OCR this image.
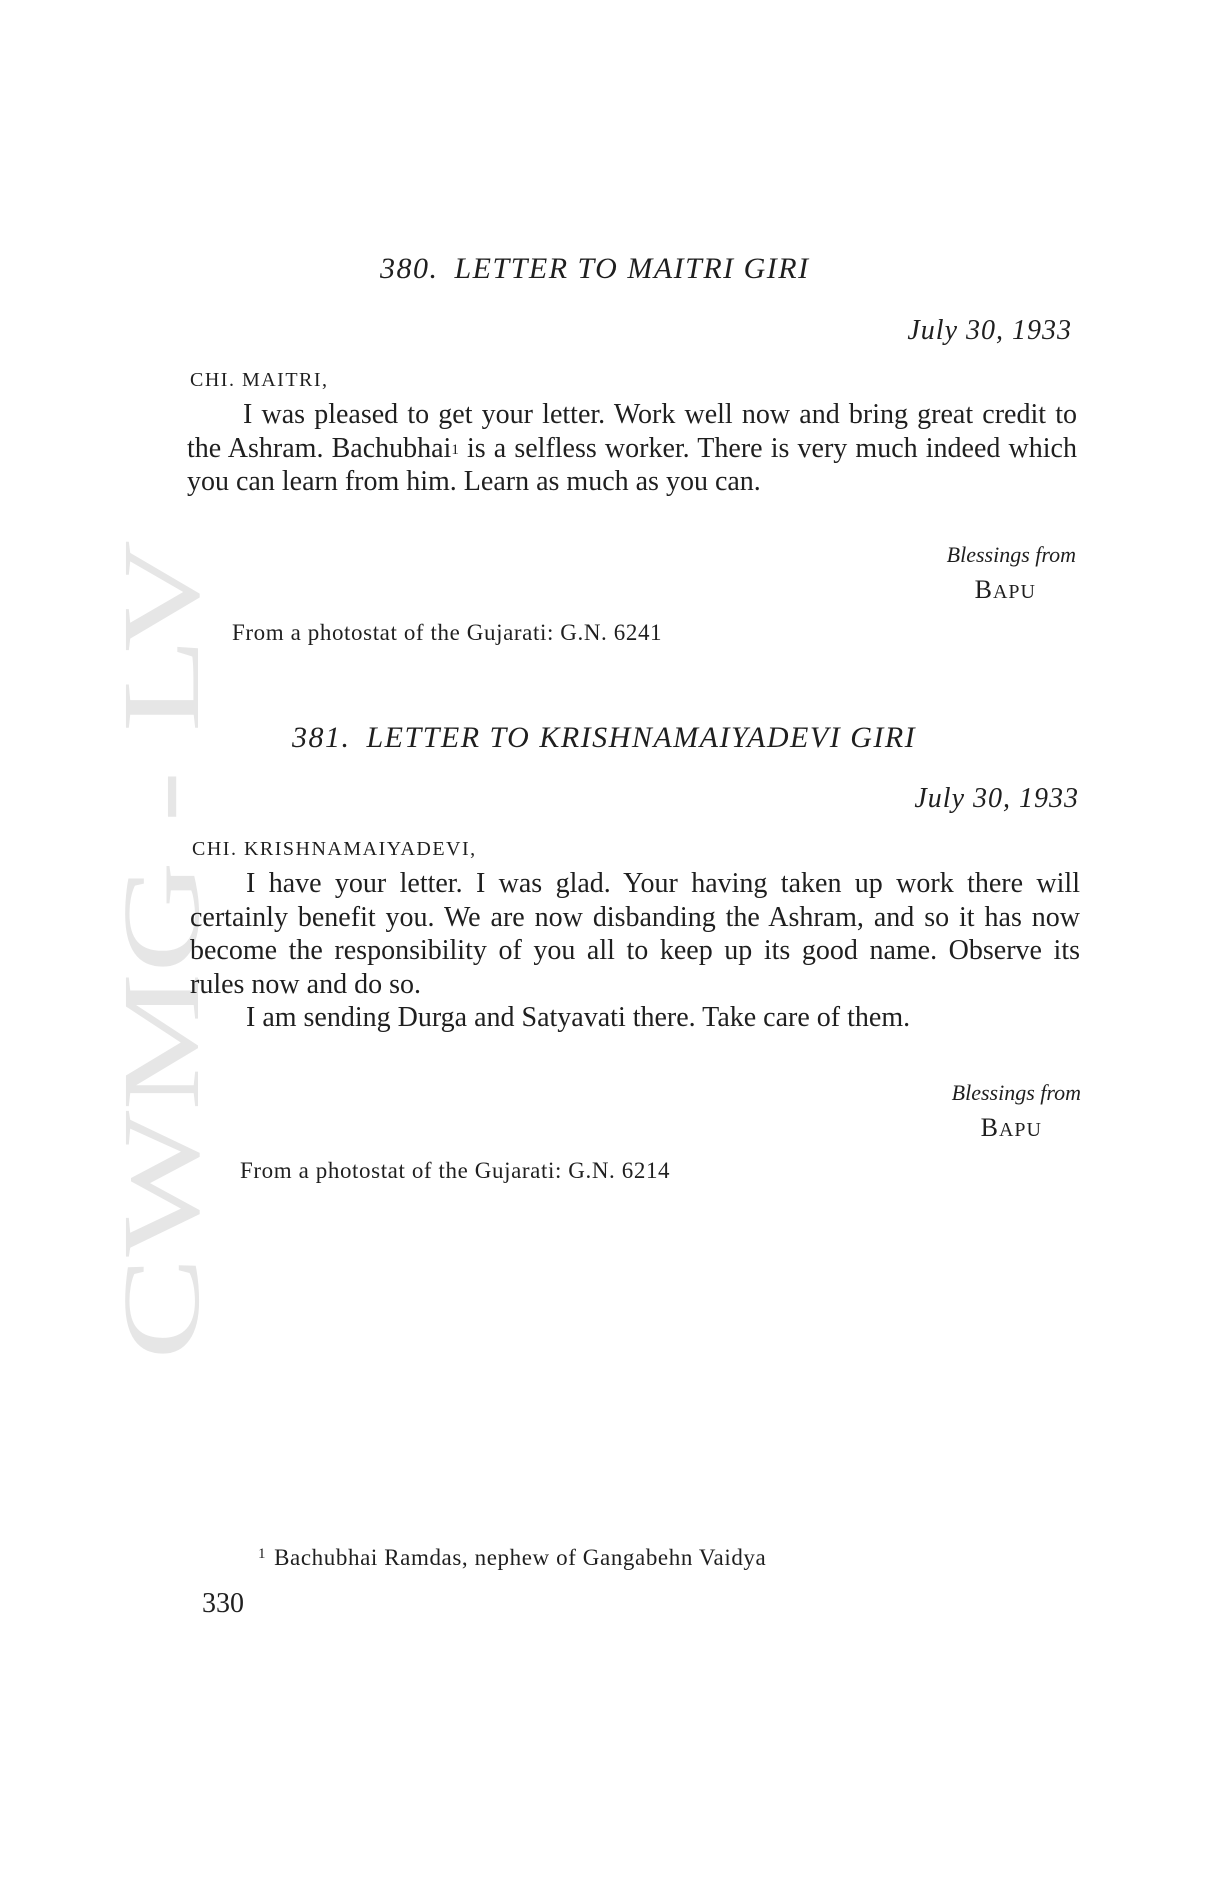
CWMG - LV
380. LETTER TO MAITRI GIRI
July 30, 1933
CHI. MAITRI,

I was pleased to get your letter. Work well now and bring great credit to the Ashram. Bachubhai$^1$ is a selfless worker. There is very much indeed which you can learn from him. Learn as much as you can.

Blessings from
BAPU
From a photostat of the Gujarati: G.N. 6241
381. LETTER TO KRISHNAMAIYADEVI GIRI
July 30, 1933
CHI. KRISHNAMAIYADEVI,

I have your letter. I was glad. Your having taken up work there will certainly benefit you. We are now disbanding the Ashram, and so it has now become the responsibility of you all to keep up its good name. Observe its rules now and do so.

I am sending Durga and Satyavati there. Take care of them.

Blessings from
BAPU
From a photostat of the Gujarati: G.N. 6214
$^1$ Bachubhai Ramdas, nephew of Gangabehn Vaidya
330
